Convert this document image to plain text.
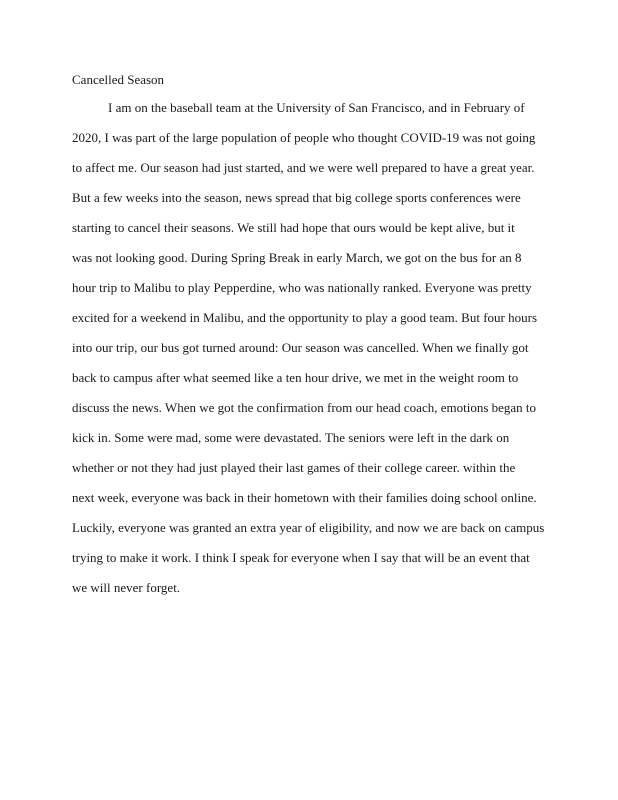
Cancelled Season

I am on the baseball team at the University of San Francisco, and in February of

2020, I was part of the large population of people who thought COVID-19 was not going

to affect me. Our season had just started, and we were well prepared to have a great year.

But a few weeks into the season, news spread that big college sports conferences were

starting to cancel their seasons. We still had hope that ours would be kept alive, but it

was not looking good. During Spring Break in early March, we got on the bus for an 8

hour trip to Malibu to play Pepperdine, who was nationally ranked. Everyone was pretty

excited for a weekend in Malibu, and the opportunity to play a good team. But four hours

into our trip, our bus got turned around: Our season was cancelled. When we finally got

back to campus after what seemed like a ten hour drive, we met in the weight room to

discuss the news. When we got the confirmation from our head coach, emotions began to

kick in. Some were mad, some were devastated. The seniors were left in the dark on

whether or not they had just played their last games of their college career. within the

next week, everyone was back in their hometown with their families doing school online.

Luckily, everyone was granted an extra year of eligibility, and now we are back on campus

trying to make it work. I think I speak for everyone when I say that will be an event that

we will never forget.
